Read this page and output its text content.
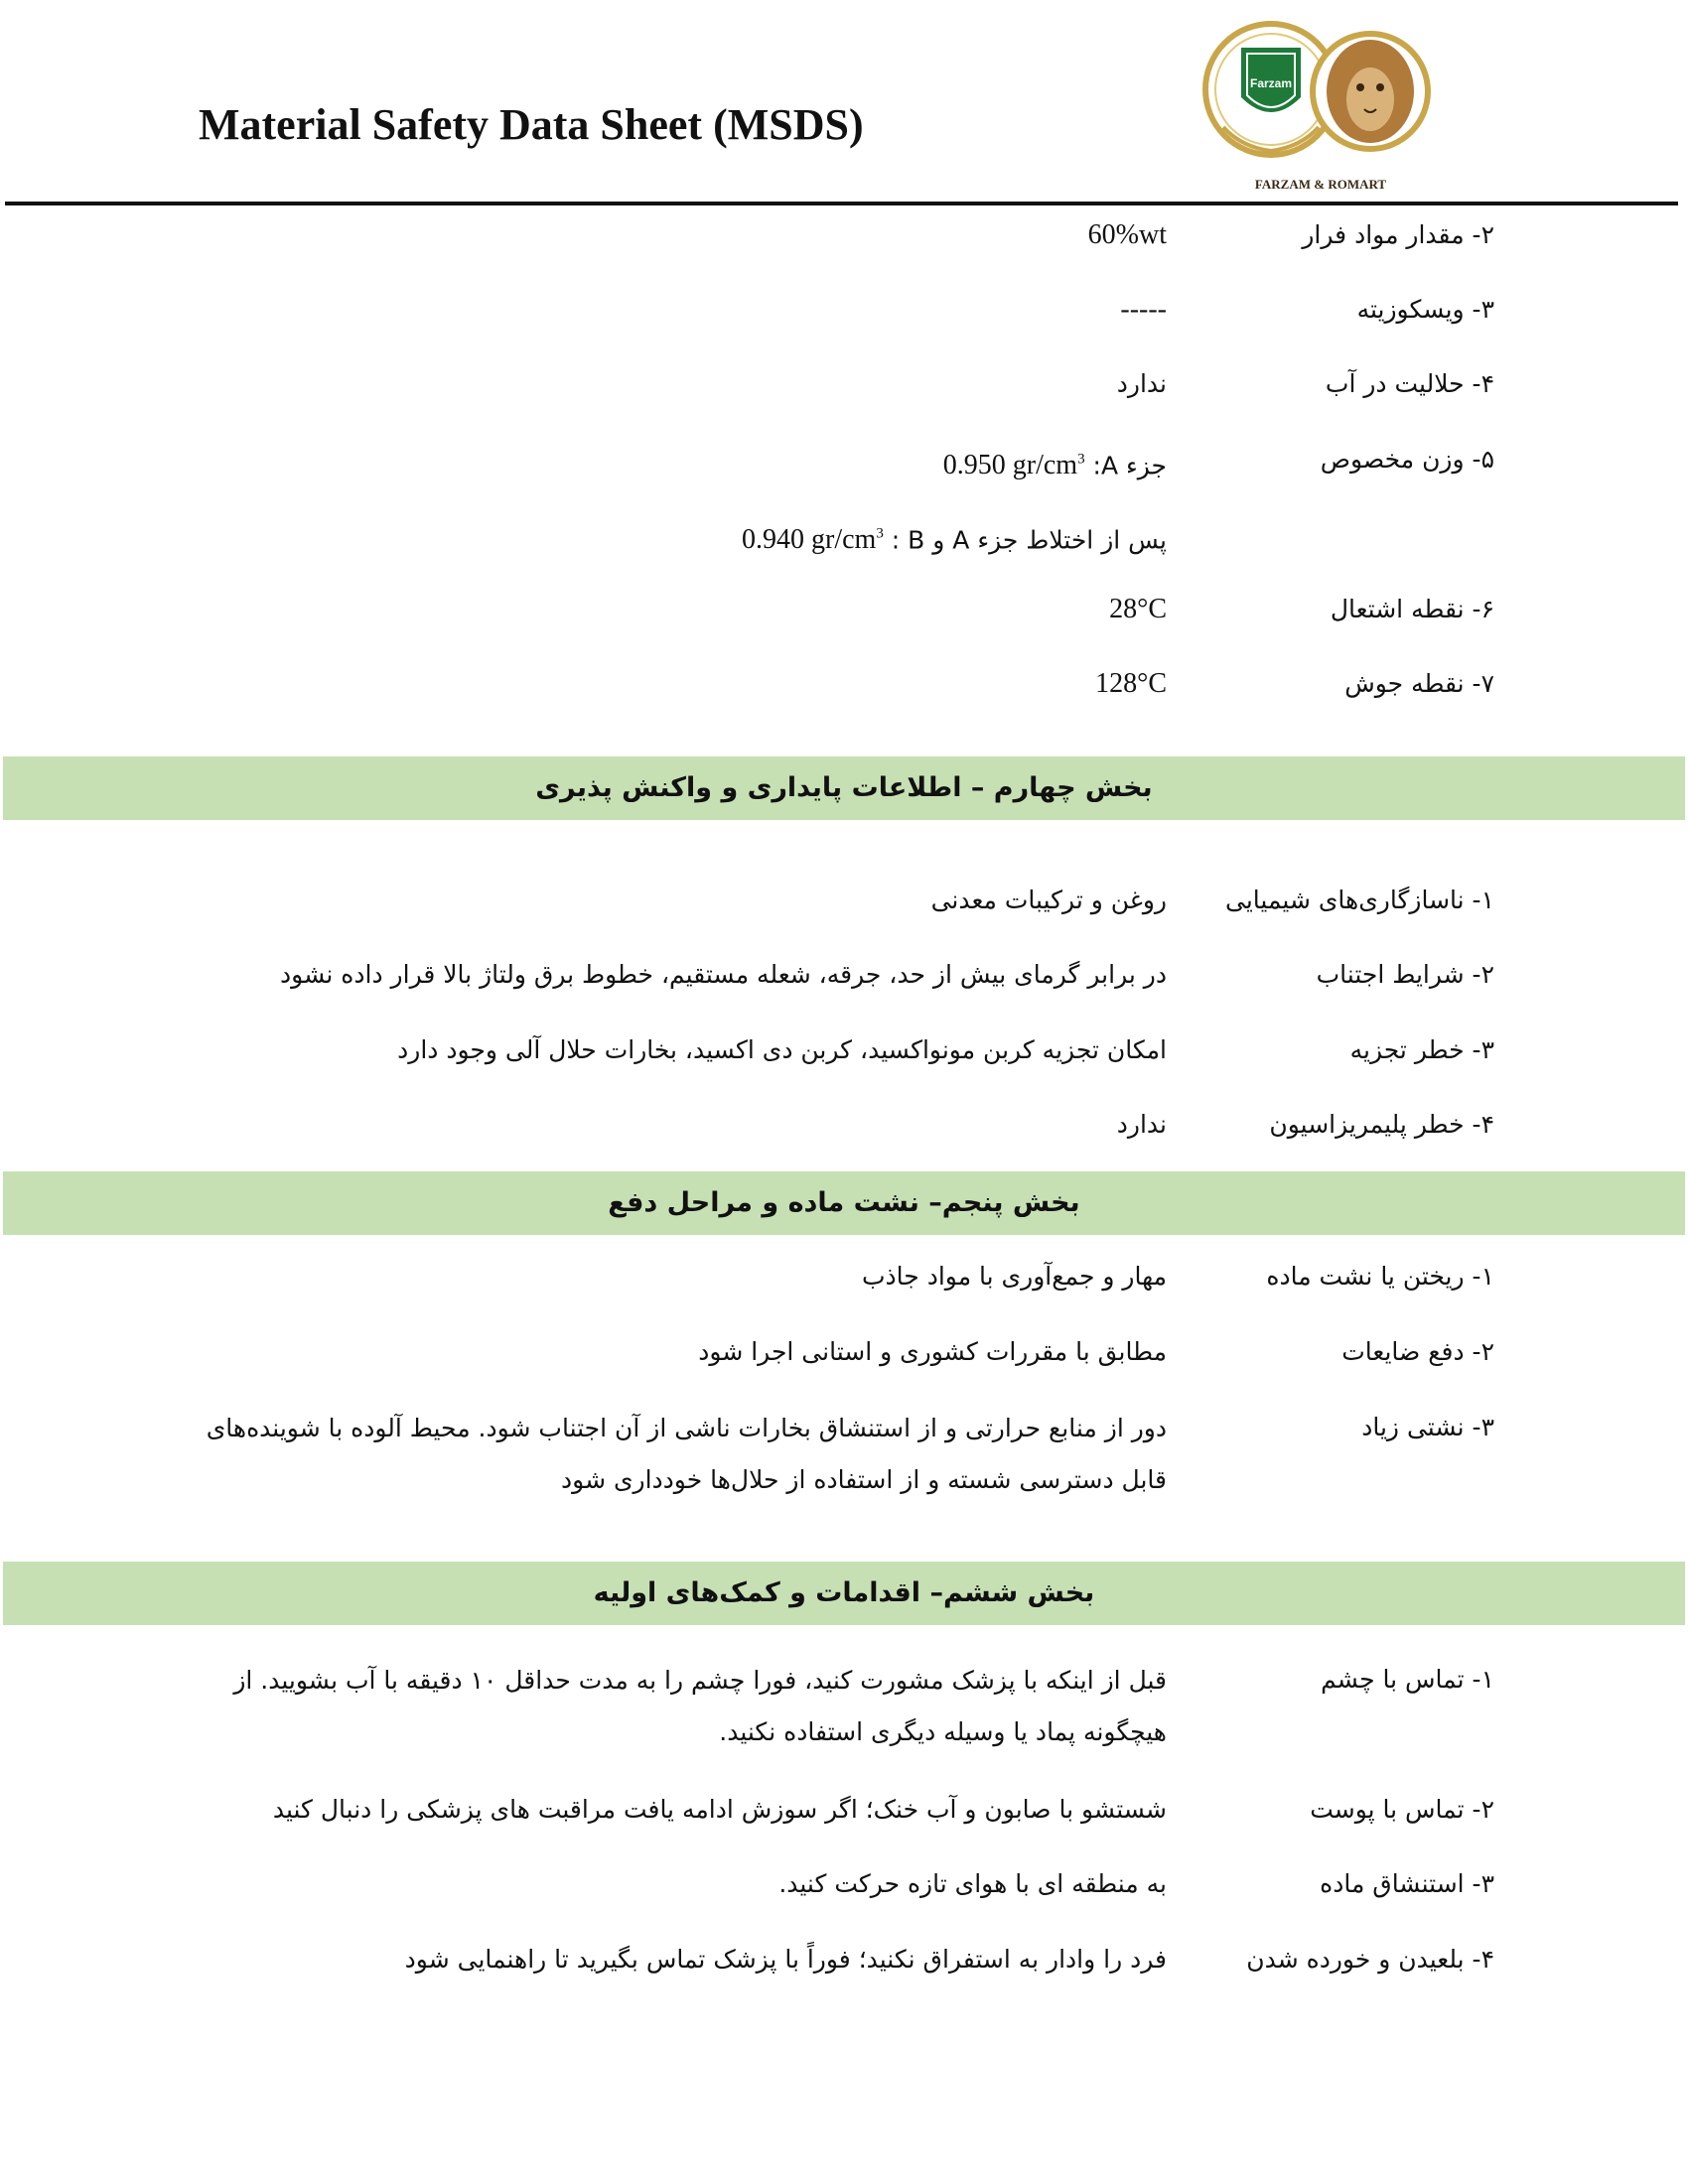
Material Safety Data Sheet (MSDS)
Farzam
FARZAM & ROMART
۲- مقدار مواد فرار
60%wt
۳- ویسکوزیته
-----
۴- حلالیت در آب
ندارد
۵- وزن مخصوص
جزء A: 0.950 $gr/cm^3$
پس از اختلاط جزء A و B : 0.940 $gr/cm^3$
۶- نقطه اشتعال
28°C
۷- نقطه جوش
128°C
بخش چهارم – اطلاعات پایداری و واکنش پذیری
۱- ناسازگاری‌های شیمیایی
روغن و ترکیبات معدنی
۲- شرایط اجتناب
در برابر گرمای بیش از حد، جرقه، شعله مستقیم، خطوط برق ولتاژ بالا قرار داده نشود
۳- خطر تجزیه
امکان تجزیه کربن مونواکسید، کربن دی اکسید، بخارات حلال آلی وجود دارد
۴- خطر پلیمریزاسیون
ندارد
بخش پنجم– نشت ماده و مراحل دفع
۱- ریختن یا نشت ماده
مهار و جمع‌آوری با مواد جاذب
۲- دفع ضایعات
مطابق با مقررات کشوری و استانی اجرا شود
۳- نشتی زیاد
دور از منابع حرارتی و از استنشاق بخارات ناشی از آن اجتناب شود. محیط آلوده با شوینده‌های قابل دسترسی شسته و از استفاده از حلال‌ها خودداری شود
بخش ششم– اقدامات و کمک‌های اولیه
۱- تماس با چشم
قبل از اینکه با پزشک مشورت کنید، فورا چشم را به مدت حداقل ۱۰ دقیقه با آب بشویید. از هیچگونه پماد یا وسیله دیگری استفاده نکنید.
۲- تماس با پوست
شستشو با صابون و آب خنک؛ اگر سوزش ادامه یافت مراقبت های پزشکی را دنبال کنید
۳- استنشاق ماده
به منطقه ای با هوای تازه حرکت کنید.
۴- بلعیدن و خورده شدن
فرد را وادار به استفراق نکنید؛ فوراً با پزشک تماس بگیرید تا راهنمایی شود
